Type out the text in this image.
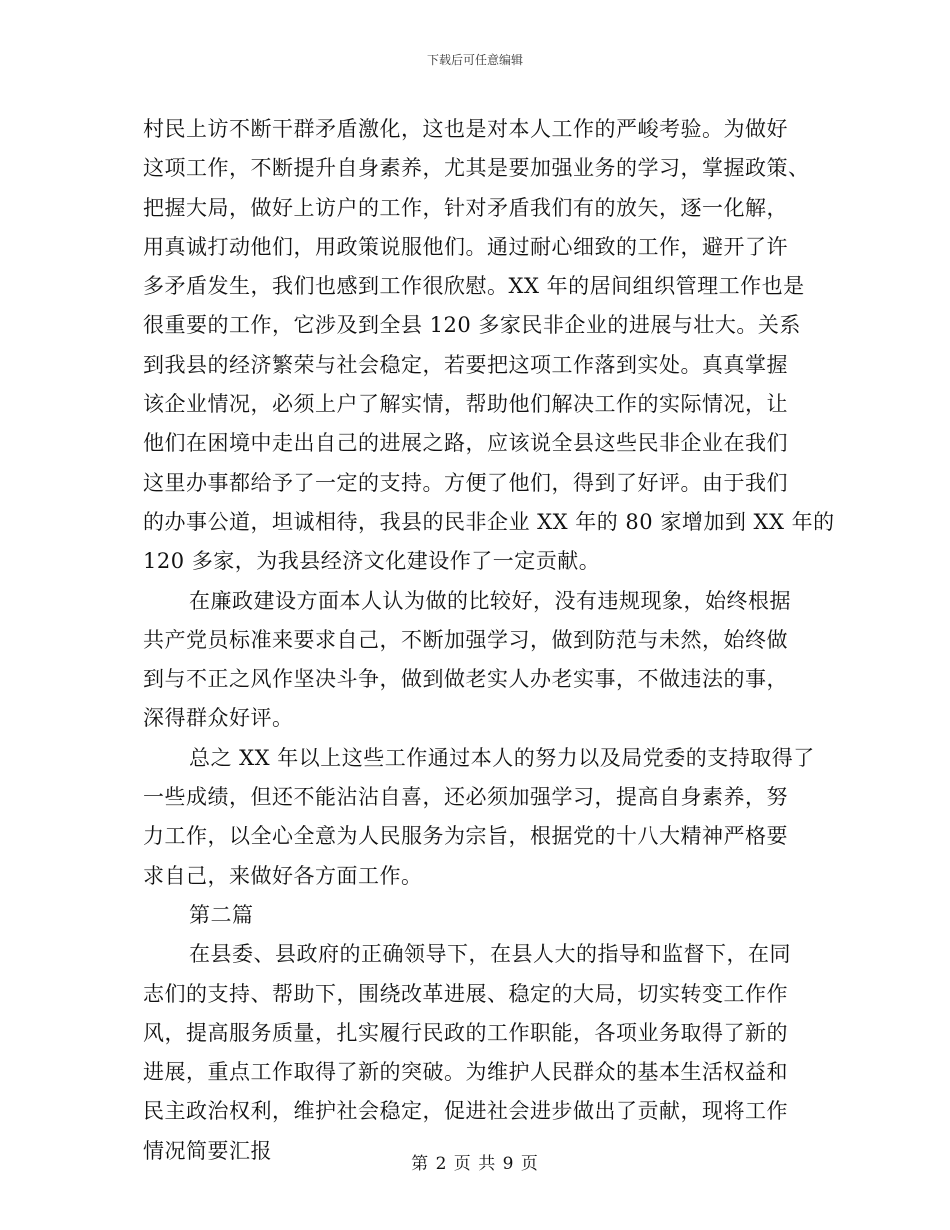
下载后可任意编辑
村民上访不断干群矛盾激化，这也是对本人工作的严峻考验。为做好
这项工作，不断提升自身素养，尤其是要加强业务的学习，掌握政策、
把握大局，做好上访户的工作，针对矛盾我们有的放矢，逐一化解，
用真诚打动他们，用政策说服他们。通过耐心细致的工作，避开了许
多矛盾发生，我们也感到工作很欣慰。XX 年的居间组织管理工作也是
很重要的工作，它涉及到全县 120 多家民非企业的进展与壮大。关系
到我县的经济繁荣与社会稳定，若要把这项工作落到实处。真真掌握
该企业情况，必须上户了解实情，帮助他们解决工作的实际情况，让
他们在困境中走出自己的进展之路，应该说全县这些民非企业在我们
这里办事都给予了一定的支持。方便了他们，得到了好评。由于我们
的办事公道，坦诚相待，我县的民非企业 XX 年的 80 家增加到 XX 年的
120 多家，为我县经济文化建设作了一定贡献。
在廉政建设方面本人认为做的比较好，没有违规现象，始终根据
共产党员标准来要求自己，不断加强学习，做到防范与未然，始终做
到与不正之风作坚决斗争，做到做老实人办老实事，不做违法的事，
深得群众好评。
总之 XX 年以上这些工作通过本人的努力以及局党委的支持取得了
一些成绩，但还不能沾沾自喜，还必须加强学习，提高自身素养，努
力工作，以全心全意为人民服务为宗旨，根据党的十八大精神严格要
求自己，来做好各方面工作。
第二篇
在县委、县政府的正确领导下，在县人大的指导和监督下，在同
志们的支持、帮助下，围绕改革进展、稳定的大局，切实转变工作作
风，提高服务质量，扎实履行民政的工作职能，各项业务取得了新的
进展，重点工作取得了新的突破。为维护人民群众的基本生活权益和
民主政治权利，维护社会稳定，促进社会进步做出了贡献，现将工作
情况简要汇报
第 2 页 共 9 页
